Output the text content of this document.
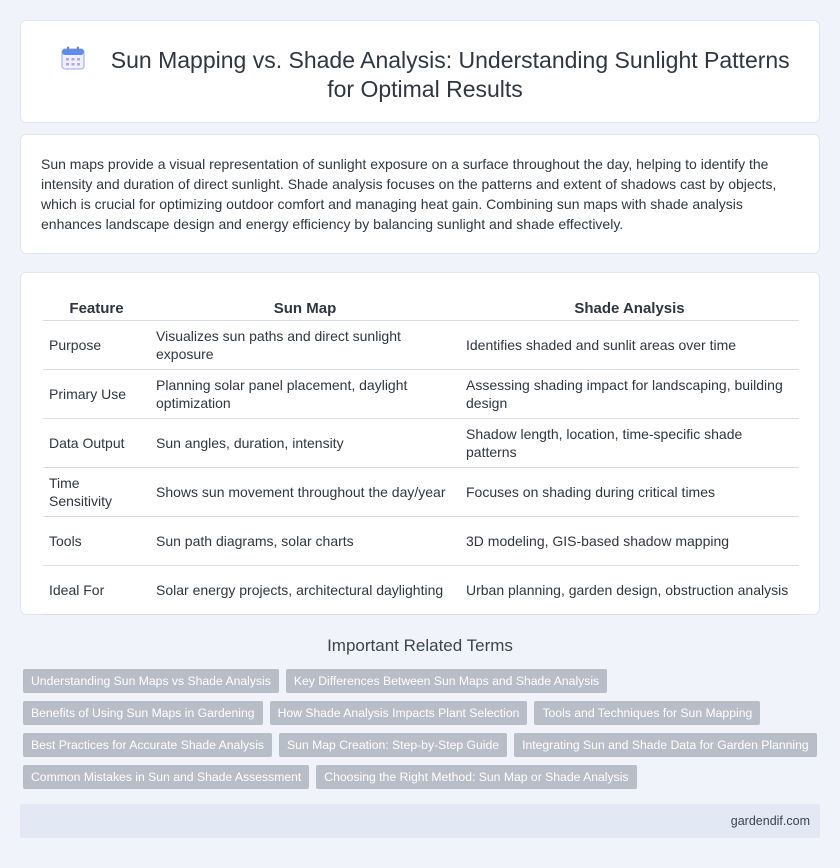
Sun Mapping vs. Shade Analysis: Understanding Sunlight Patterns for Optimal Results

Sun maps provide a visual representation of sunlight exposure on a surface throughout the day, helping to identify the intensity and duration of direct sunlight. Shade analysis focuses on the patterns and extent of shadows cast by objects, which is crucial for optimizing outdoor comfort and managing heat gain. Combining sun maps with shade analysis enhances landscape design and energy efficiency by balancing sunlight and shade effectively.

Feature	Sun Map	Shade Analysis
Purpose	Visualizes sun paths and direct sunlight exposure	Identifies shaded and sunlit areas over time
Primary Use	Planning solar panel placement, daylight optimization	Assessing shading impact for landscaping, building design
Data Output	Sun angles, duration, intensity	Shadow length, location, time-specific shade patterns
Time Sensitivity	Shows sun movement throughout the day/year	Focuses on shading during critical times
Tools	Sun path diagrams, solar charts	3D modeling, GIS-based shadow mapping
Ideal For	Solar energy projects, architectural daylighting	Urban planning, garden design, obstruction analysis
Important Related Terms
Understanding Sun Maps vs Shade Analysis	Key Differences Between Sun Maps and Shade Analysis
Benefits of Using Sun Maps in Gardening	How Shade Analysis Impacts Plant Selection	Tools and Techniques for Sun Mapping
Best Practices for Accurate Shade Analysis	Sun Map Creation: Step-by-Step Guide	Integrating Sun and Shade Data for Garden Planning
Common Mistakes in Sun and Shade Assessment	Choosing the Right Method: Sun Map or Shade Analysis
gardendif.com
